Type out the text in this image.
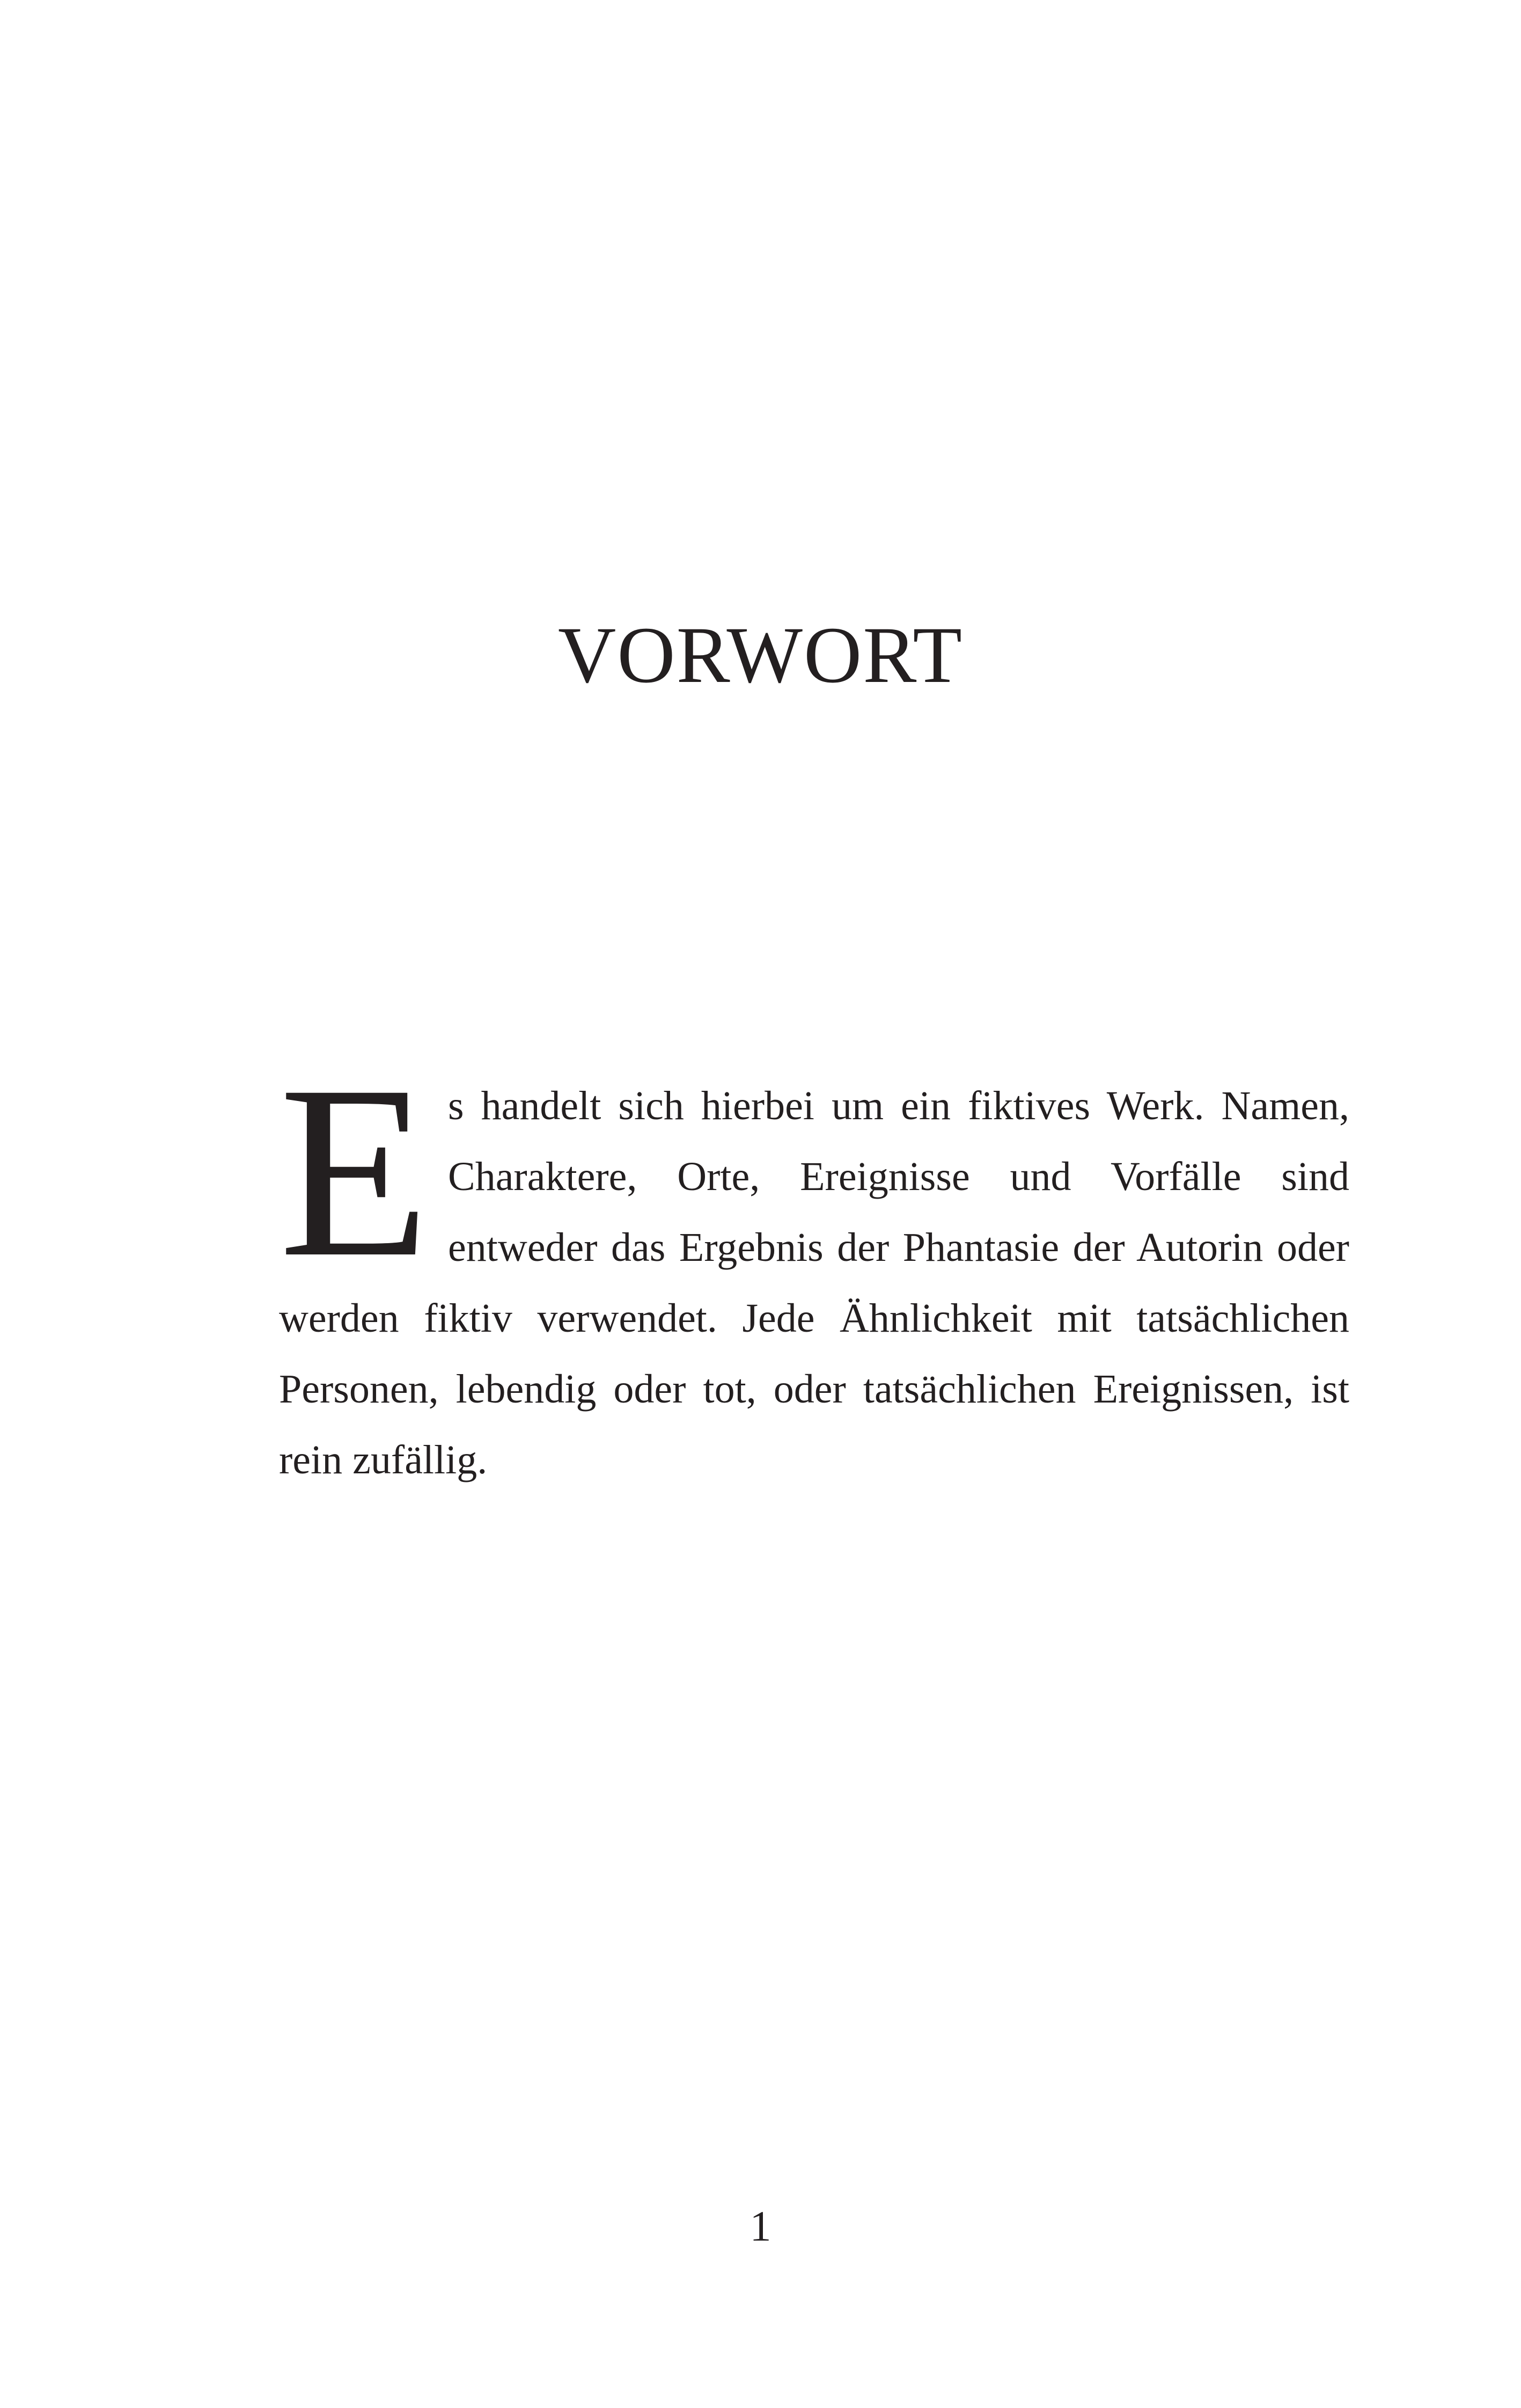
VORWORT
E s handelt sich hierbei um ein fiktives Werk. Namen, Charaktere, Orte, Ereignisse und Vorfälle sind entweder das Ergebnis der Phantasie der Autorin oder werden fiktiv verwendet. Jede Ähnlichkeit mit tatsächlichen Personen, lebendig oder tot, oder tatsächlichen Ereignissen, ist rein zufällig.
1
